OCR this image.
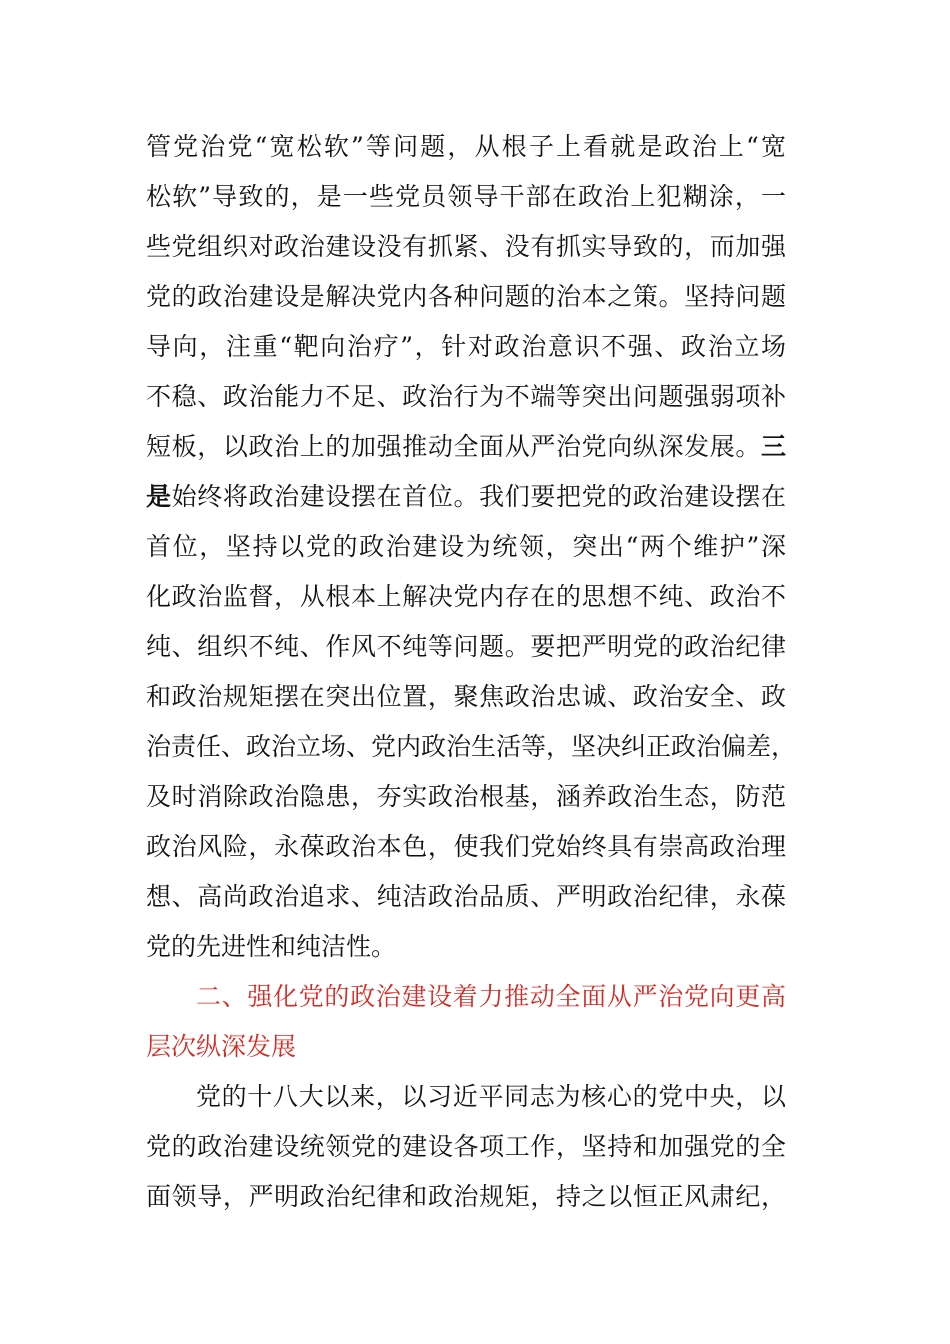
管党治党“宽松软”等问题，从根子上看就是政治上“宽
松软”导致的，是一些党员领导干部在政治上犯糊涂，一
些党组织对政治建设没有抓紧、没有抓实导致的，而加强
党的政治建设是解决党内各种问题的治本之策。坚持问题
导向，注重“靶向治疗”，针对政治意识不强、政治立场
不稳、政治能力不足、政治行为不端等突出问题强弱项补
短板，以政治上的加强推动全面从严治党向纵深发展。三
是始终将政治建设摆在首位。我们要把党的政治建设摆在
首位，坚持以党的政治建设为统领，突出“两个维护”深
化政治监督，从根本上解决党内存在的思想不纯、政治不
纯、组织不纯、作风不纯等问题。要把严明党的政治纪律
和政治规矩摆在突出位置，聚焦政治忠诚、政治安全、政
治责任、政治立场、党内政治生活等，坚决纠正政治偏差，
及时消除政治隐患，夯实政治根基，涵养政治生态，防范
政治风险，永葆政治本色，使我们党始终具有崇高政治理
想、高尚政治追求、纯洁政治品质、严明政治纪律，永葆
党的先进性和纯洁性。
二、强化党的政治建设着力推动全面从严治党向更高
层次纵深发展
党的十八大以来，以习近平同志为核心的党中央，以
党的政治建设统领党的建设各项工作，坚持和加强党的全
面领导，严明政治纪律和政治规矩，持之以恒正风肃纪，
